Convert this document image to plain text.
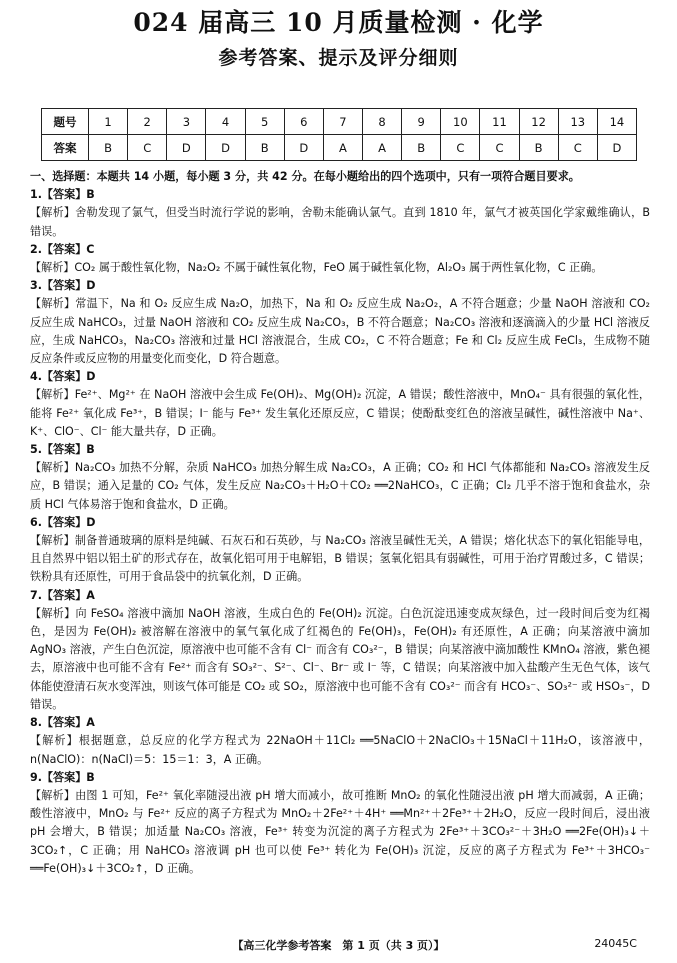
024 届高三 10 月质量检测 · 化学
参考答案、提示及评分细则
题号	1	2	3	4	5	6	7	8	9	10	11	12	13	14
答案	B	C	D	D	B	D	A	A	B	C	C	B	C	D
一、选择题：本题共 14 小题，每小题 3 分，共 42 分。在每小题给出的四个选项中，只有一项符合题目要求。
1.【答案】B
【解析】舍勒发现了氯气，但受当时流行学说的影响，舍勒未能确认氯气。直到 1810 年，氯气才被英国化学家戴维确认，B 错误。
2.【答案】C
【解析】CO₂ 属于酸性氧化物，Na₂O₂ 不属于碱性氧化物，FeO 属于碱性氧化物，Al₂O₃ 属于两性氧化物，C 正确。
3.【答案】D
【解析】常温下，Na 和 O₂ 反应生成 Na₂O，加热下，Na 和 O₂ 反应生成 Na₂O₂，A 不符合题意；少量 NaOH 溶液和 CO₂ 反应生成 NaHCO₃，过量 NaOH 溶液和 CO₂ 反应生成 Na₂CO₃，B 不符合题意；Na₂CO₃ 溶液和逐滴滴入的少量 HCl 溶液反应，生成 NaHCO₃，Na₂CO₃ 溶液和过量 HCl 溶液混合，生成 CO₂，C 不符合题意；Fe 和 Cl₂ 反应生成 FeCl₃，生成物不随反应条件或反应物的用量变化而变化，D 符合题意。
4.【答案】D
【解析】Fe²⁺、Mg²⁺ 在 NaOH 溶液中会生成 Fe(OH)₂、Mg(OH)₂ 沉淀，A 错误；酸性溶液中，MnO₄⁻ 具有很强的氧化性，能将 Fe²⁺ 氧化成 Fe³⁺，B 错误；I⁻ 能与 Fe³⁺ 发生氧化还原反应，C 错误；使酚酞变红色的溶液呈碱性，碱性溶液中 Na⁺、K⁺、ClO⁻、Cl⁻ 能大量共存，D 正确。
5.【答案】B
【解析】Na₂CO₃ 加热不分解，杂质 NaHCO₃ 加热分解生成 Na₂CO₃，A 正确；CO₂ 和 HCl 气体都能和 Na₂CO₃ 溶液发生反应，B 错误；通入足量的 CO₂ 气体，发生反应 Na₂CO₃＋H₂O＋CO₂ ══2NaHCO₃，C 正确；Cl₂ 几乎不溶于饱和食盐水，杂质 HCl 气体易溶于饱和食盐水，D 正确。
6.【答案】D
【解析】制备普通玻璃的原料是纯碱、石灰石和石英砂，与 Na₂CO₃ 溶液呈碱性无关，A 错误；熔化状态下的氧化铝能导电，且自然界中铝以铝土矿的形式存在，故氧化铝可用于电解铝，B 错误；氢氧化铝具有弱碱性，可用于治疗胃酸过多，C 错误；铁粉具有还原性，可用于食品袋中的抗氧化剂，D 正确。
7.【答案】A
【解析】向 FeSO₄ 溶液中滴加 NaOH 溶液，生成白色的 Fe(OH)₂ 沉淀。白色沉淀迅速变成灰绿色，过一段时间后变为红褐色，是因为 Fe(OH)₂ 被溶解在溶液中的氧气氧化成了红褐色的 Fe(OH)₃，Fe(OH)₂ 有还原性，A 正确；向某溶液中滴加 AgNO₃ 溶液，产生白色沉淀，原溶液中也可能不含有 Cl⁻ 而含有 CO₃²⁻，B 错误；向某溶液中滴加酸性 KMnO₄ 溶液，紫色褪去，原溶液中也可能不含有 Fe²⁺ 而含有 SO₃²⁻、S²⁻、Cl⁻、Br⁻ 或 I⁻ 等，C 错误；向某溶液中加入盐酸产生无色气体，该气体能使澄清石灰水变浑浊，则该气体可能是 CO₂ 或 SO₂，原溶液中也可能不含有 CO₃²⁻ 而含有 HCO₃⁻、SO₃²⁻ 或 HSO₃⁻，D 错误。
8.【答案】A
【解析】根据题意，总反应的化学方程式为 22NaOH＋11Cl₂ ══5NaClO＋2NaClO₃＋15NaCl＋11H₂O，该溶液中，n(NaClO)：n(NaCl)＝5：15＝1：3，A 正确。
9.【答案】B
【解析】由图 1 可知，Fe²⁺ 氧化率随浸出液 pH 增大而减小，故可推断 MnO₂ 的氧化性随浸出液 pH 增大而减弱，A 正确；酸性溶液中，MnO₂ 与 Fe²⁺ 反应的离子方程式为 MnO₂＋2Fe²⁺＋4H⁺ ══Mn²⁺＋2Fe³⁺＋2H₂O，反应一段时间后，浸出液 pH 会增大，B 错误；加适量 Na₂CO₃ 溶液，Fe³⁺ 转变为沉淀的离子方程式为 2Fe³⁺＋3CO₃²⁻＋3H₂O ══2Fe(OH)₃↓＋3CO₂↑，C 正确；用 NaHCO₃ 溶液调 pH 也可以使 Fe³⁺ 转化为 Fe(OH)₃ 沉淀，反应的离子方程式为 Fe³⁺＋3HCO₃⁻ ══Fe(OH)₃↓＋3CO₂↑，D 正确。
【高三化学参考答案　第 1 页（共 3 页）】	24045C
